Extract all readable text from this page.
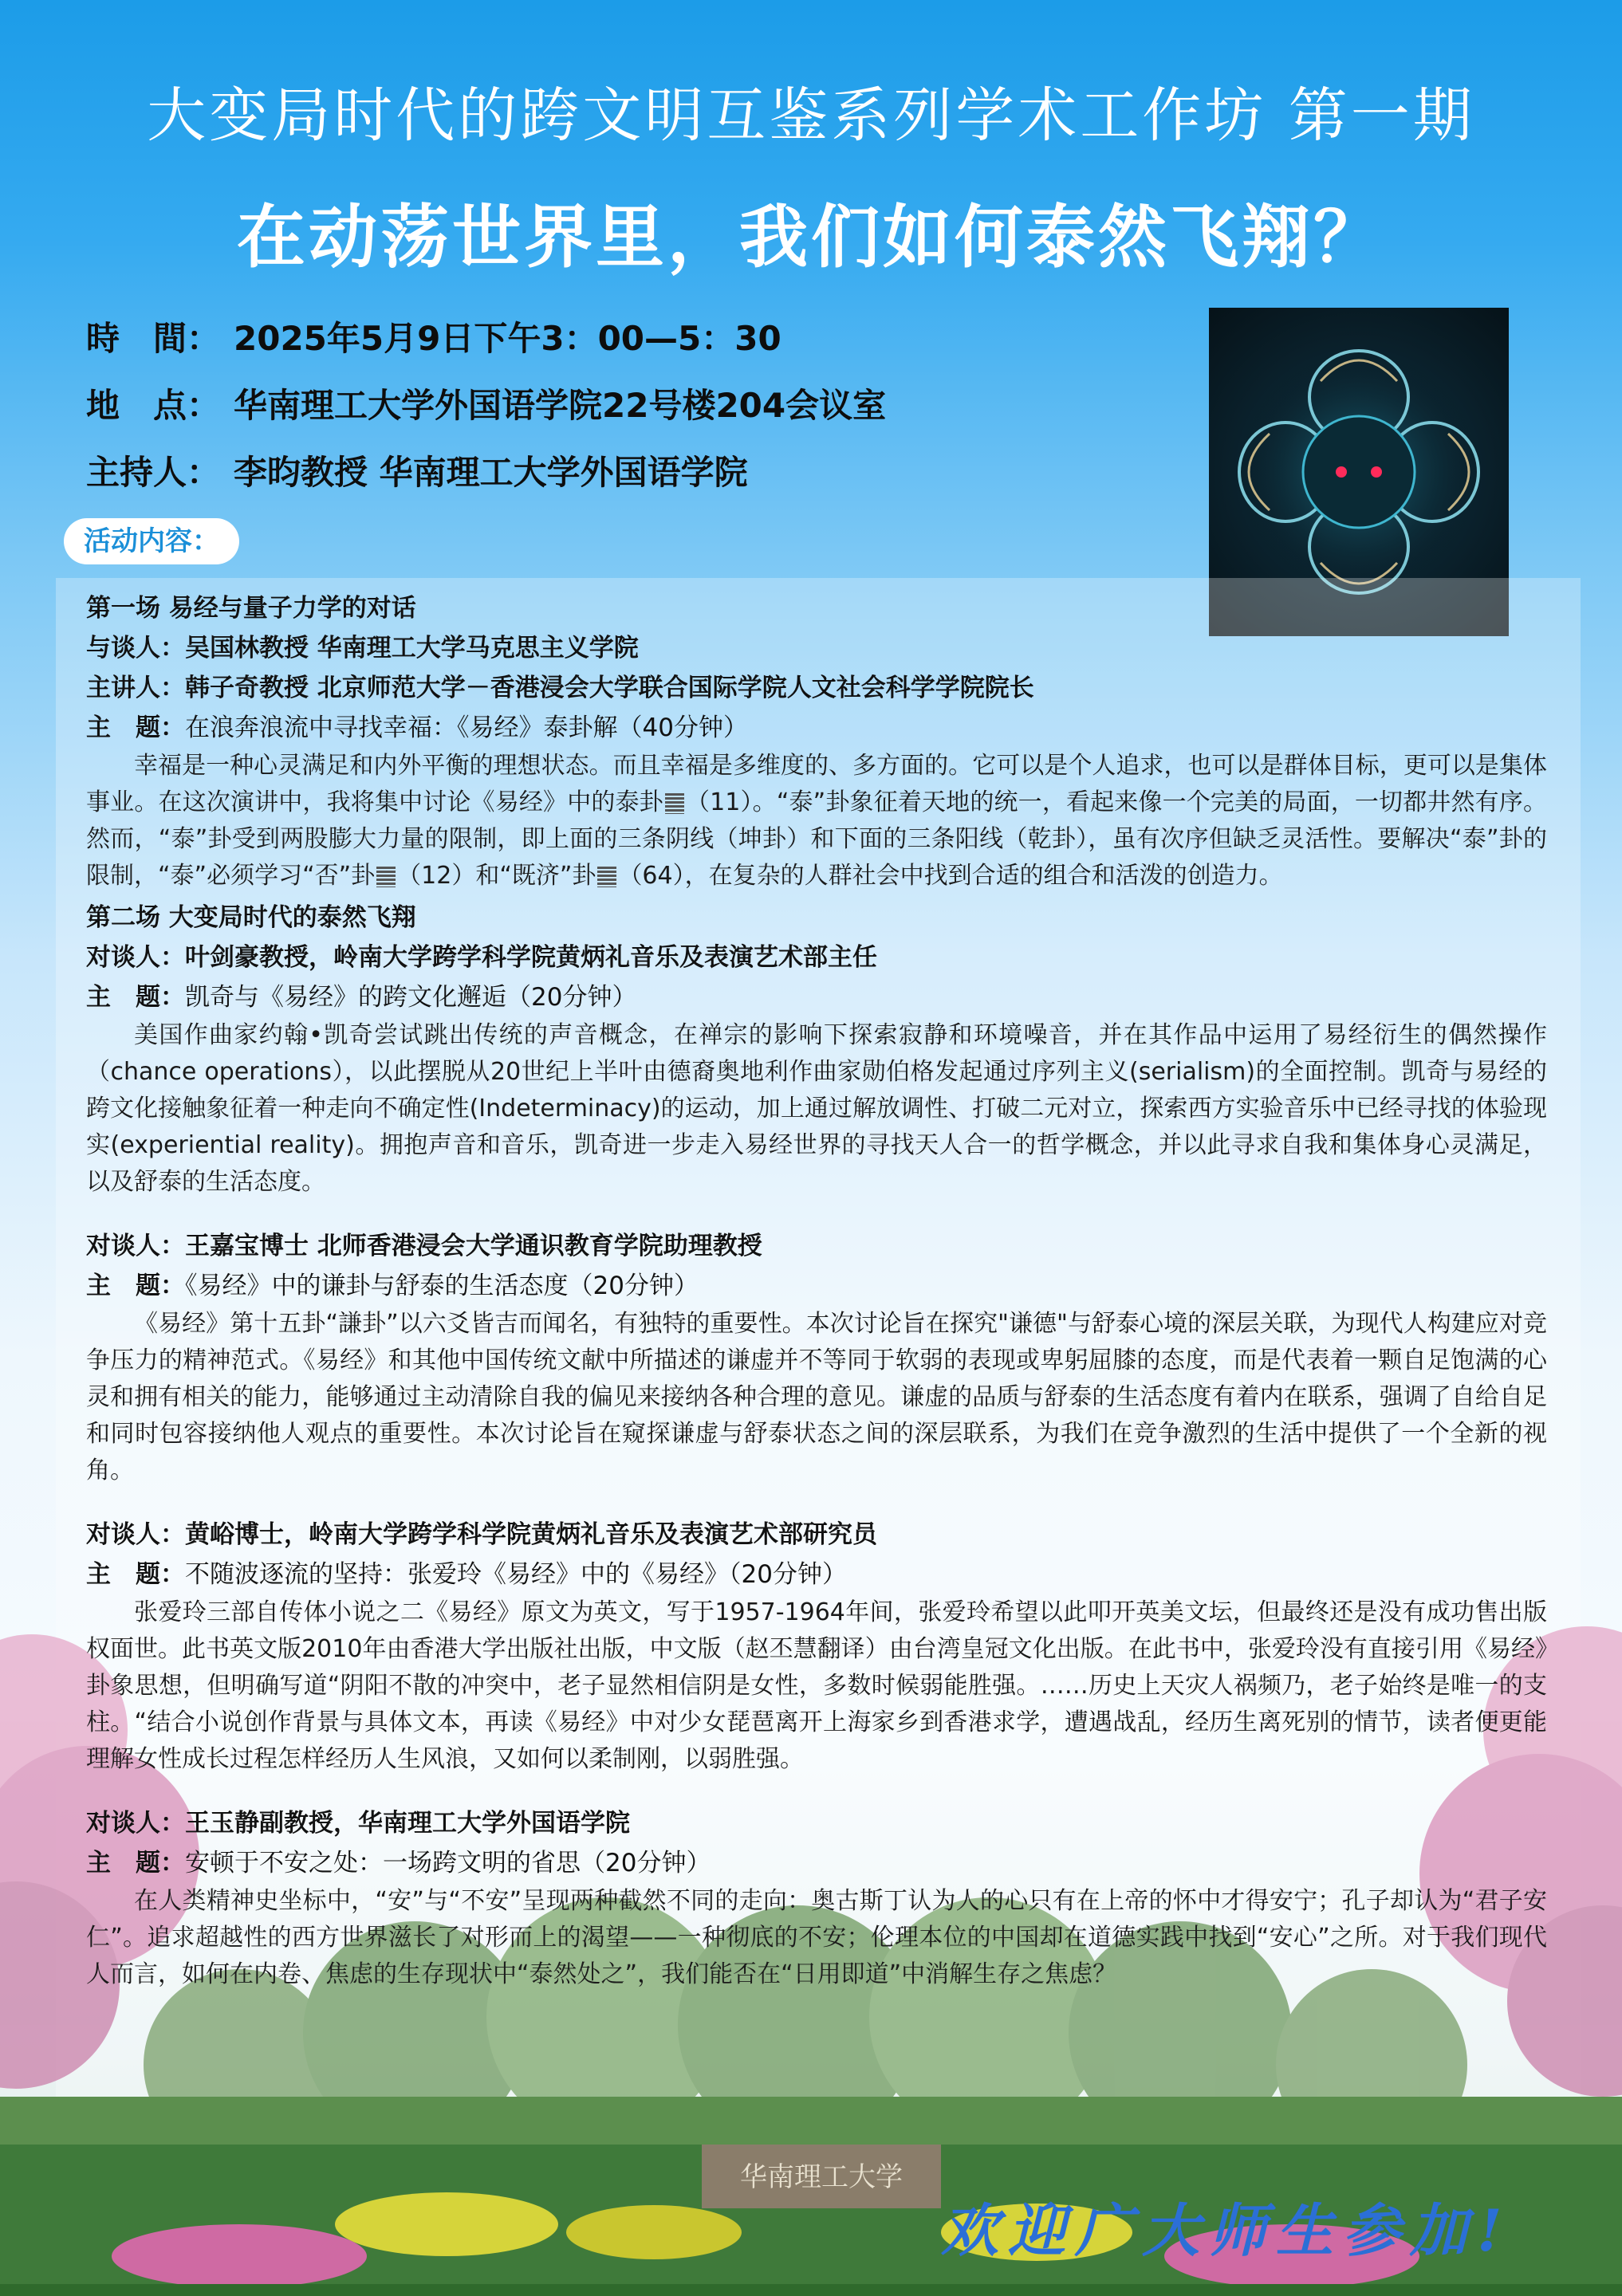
大变局时代的跨文明互鉴系列学术工作坊 第一期
在动荡世界里，我们如何泰然飞翔？
時　間： 2025年5月9日下午3：00—5：30
地　点： 华南理工大学外国语学院22号楼204会议室
主持人： 李昀教授 华南理工大学外国语学院
活动内容：
华南理工大学
第一场 易经与量子力学的对话
与谈人：吴国林教授 华南理工大学马克思主义学院
主讲人：韩子奇教授 北京师范大学－香港浸会大学联合国际学院人文社会科学学院院长
主　题：在浪奔浪流中寻找幸福：《易经》泰卦解（40分钟）
幸福是一种心灵满足和内外平衡的理想状态。而且幸福是多维度的、多方面的。它可以是个人追求，也可以是群体目标，更可以是集体事业。在这次演讲中，我将集中讨论《易经》中的泰卦 （11）。“泰”卦象征着天地的统一，看起来像一个完美的局面，一切都井然有序。然而，“泰”卦受到两股膨大力量的限制，即上面的三条阴线（坤卦）和下面的三条阳线（乾卦），虽有次序但缺乏灵活性。要解决“泰”卦的限制，“泰”必须学习“否”卦 （12）和“既济”卦 （64），在复杂的人群社会中找到合适的组合和活泼的创造力。
第二场 大变局时代的泰然飞翔
对谈人：叶剑豪教授，岭南大学跨学科学院黄炳礼音乐及表演艺术部主任
主　题：凯奇与《易经》的跨文化邂逅（20分钟）
美国作曲家约翰•凯奇尝试跳出传统的声音概念，在禅宗的影响下探索寂静和环境噪音，并在其作品中运用了易经衍生的偶然操作（chance operations），以此摆脱从20世纪上半叶由德裔奥地利作曲家勋伯格发起通过序列主义(serialism)的全面控制。凯奇与易经的跨文化接触象征着一种走向不确定性(Indeterminacy)的运动，加上通过解放调性、打破二元对立，探索西方实验音乐中已经寻找的体验现实(experiential reality)。拥抱声音和音乐，凯奇进一步走入易经世界的寻找天人合一的哲学概念，并以此寻求自我和集体身心灵满足，以及舒泰的生活态度。
对谈人：王嘉宝博士 北师香港浸会大学通识教育学院助理教授
主　题：《易经》中的谦卦与舒泰的生活态度（20分钟）
《易经》第十五卦“謙卦”以六爻皆吉而闻名，有独特的重要性。本次讨论旨在探究"谦德"与舒泰心境的深层关联，为现代人构建应对竞争压力的精神范式。《易经》和其他中国传统文献中所描述的谦虚并不等同于软弱的表现或卑躬屈膝的态度，而是代表着一颗自足饱满的心灵和拥有相关的能力，能够通过主动清除自我的偏见来接纳各种合理的意见。谦虚的品质与舒泰的生活态度有着内在联系，强调了自给自足和同时包容接纳他人观点的重要性。本次讨论旨在窥探谦虚与舒泰状态之间的深层联系，为我们在竞争激烈的生活中提供了一个全新的视角。
对谈人：黄峪博士，岭南大学跨学科学院黄炳礼音乐及表演艺术部研究员
主　题：不随波逐流的坚持：张爱玲《易经》中的《易经》（20分钟）
张爱玲三部自传体小说之二《易经》原文为英文，写于1957-1964年间，张爱玲希望以此叩开英美文坛，但最终还是没有成功售出版权面世。此书英文版2010年由香港大学出版社出版，中文版（赵丕慧翻译）由台湾皇冠文化出版。在此书中，张爱玲没有直接引用《易经》卦象思想，但明确写道“阴阳不散的冲突中，老子显然相信阴是女性，多数时候弱能胜强。……历史上天灾人祸频乃，老子始终是唯一的支柱。“结合小说创作背景与具体文本，再读《易经》中对少女琵琶离开上海家乡到香港求学，遭遇战乱，经历生离死别的情节，读者便更能理解女性成长过程怎样经历人生风浪，又如何以柔制刚，以弱胜强。
对谈人：王玉静副教授，华南理工大学外国语学院
主　题：安顿于不安之处：一场跨文明的省思（20分钟）
在人类精神史坐标中，“安”与“不安”呈现两种截然不同的走向：奥古斯丁认为人的心只有在上帝的怀中才得安宁；孔子却认为“君子安仁”。追求超越性的西方世界滋长了对形而上的渴望——一种彻底的不安；伦理本位的中国却在道德实践中找到“安心”之所。对于我们现代人而言，如何在内卷、焦虑的生存现状中“泰然处之”，我们能否在“日用即道”中消解生存之焦虑？
欢迎广大师生参加!
